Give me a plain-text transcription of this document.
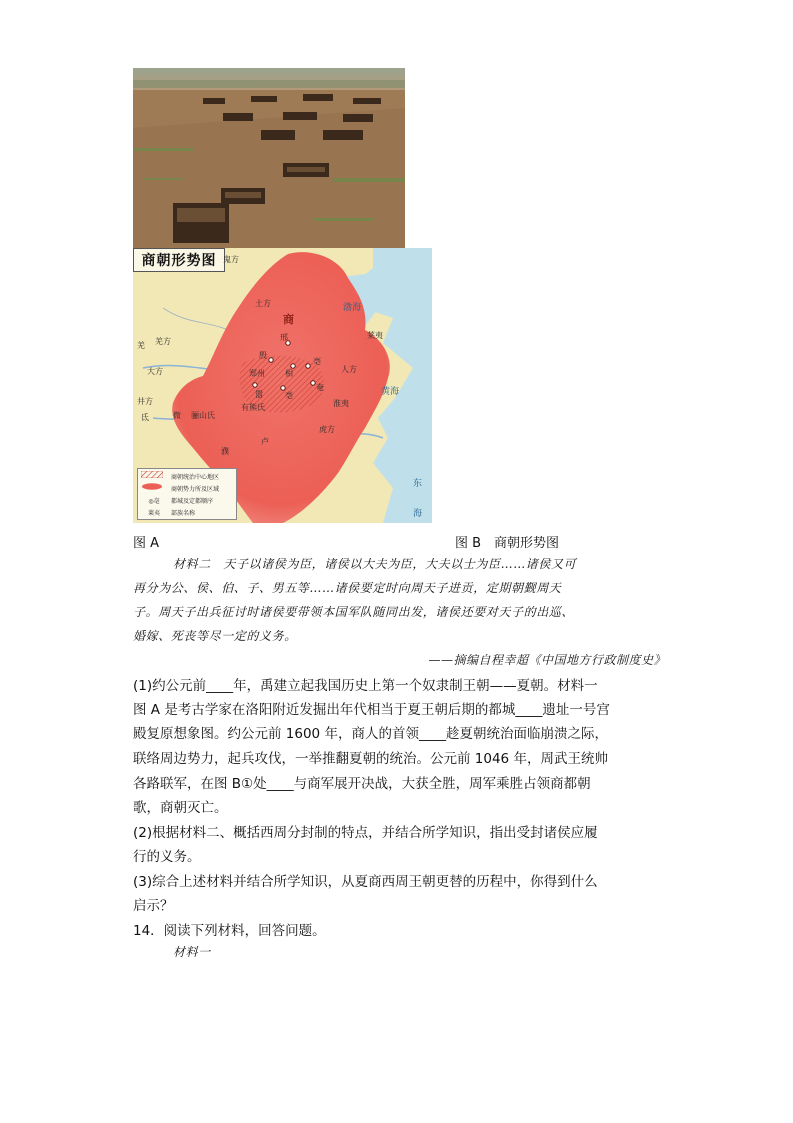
商朝形势图 鬼方
土方
商
邢
殷
相
亳
亳
嚣
郑州
奄
人方
淮夷
莱夷
渤海
黄海
羌 羌方
大方
井方
氐	微 骊山氏
有熊氏
虎方
卢
濮
东
海
商朝统治中心地区
商朝势力所及区域
◎亳	都城及定都顺序
莱夷	部族名称
图 A	图 B　商朝形势图
材料二　天子以诸侯为臣，诸侯以大夫为臣，大夫以士为臣……诸侯又可
再分为公、侯、伯、子、男五等……诸侯要定时向周天子进贡，定期朝觐周天
子。周天子出兵征讨时诸侯要带领本国军队随同出发，诸侯还要对天子的出巡、
婚嫁、死丧等尽一定的义务。
——摘编自程幸超《中国地方行政制度史》
(1)约公元前____年，禹建立起我国历史上第一个奴隶制王朝——夏朝。材料一
图 A 是考古学家在洛阳附近发掘出年代相当于夏王朝后期的都城____遗址一号宫
殿复原想象图。约公元前 1600 年，商人的首领____趁夏朝统治面临崩溃之际，
联络周边势力，起兵攻伐，一举推翻夏朝的统治。公元前 1046 年，周武王统帅
各路联军，在图 B①处____与商军展开决战，大获全胜，周军乘胜占领商都朝
歌，商朝灭亡。
(2)根据材料二、概括西周分封制的特点，并结合所学知识，指出受封诸侯应履
行的义务。
(3)综合上述材料并结合所学知识，从夏商西周王朝更替的历程中，你得到什么
启示？
14．阅读下列材料，回答问题。
材料一
